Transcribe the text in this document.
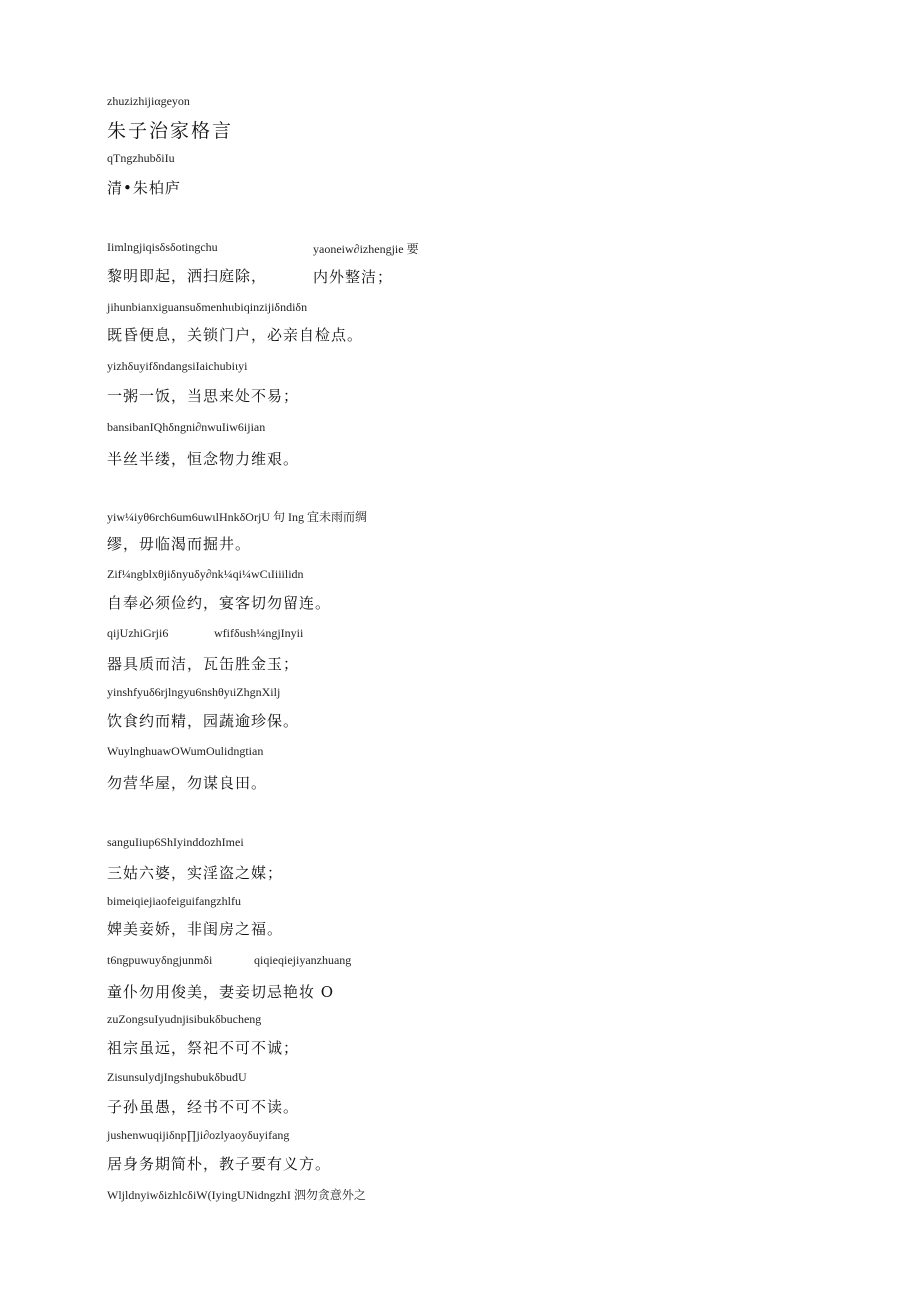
zhuzizhijiαgeyon
朱子治家格言
qTngzhubδiIu
清•朱柏庐
Iimlngjiqisδsδotingchu	yaoneiw∂izhengjie 要
黎明即起，洒扫庭除，	内外整洁；
jihunbianxiguansuδmenhιιbiqinzijiδndiδn
既昏便息，关锁门户，必亲自检点。
yizhδuyifδndangsiIaichubiιyi
一粥一饭，当思来处不易；
bansibanIQhδngni∂nwuIiw6ijian
半丝半缕，恒念物力维艰。
yiw¼iyθ6rch6um6uwιlHnkδOrjU 句 Ing 宜未雨而绸
缪，毋临渴而掘井。
Zif¼ngblxθjiδnyuδy∂nk¼qi¼wCιIiiilidn
自奉必须俭约，宴客切勿留连。
qijUzhiGrji6	wfifδush¼ngjInyii
器具质而洁，瓦缶胜金玉；
yinshfyuδ6rjlngyu6nshθyιiZhgnXilj
饮食约而精，园蔬逾珍保。
WuylnghuawOWumOulidngtian
勿营华屋，勿谋良田。
sanguIiup6ShIyinddozhImei
三姑六婆，实淫盗之媒；
bimeiqiejiaofeiguifangzhlfu
婢美妾娇，非闺房之福。
t6ngpuwuyδngjunmδi	qiqieqiejiyanzhuang
童仆勿用俊美，妻妾切忌艳妆 O
zuZongsuIyudnjisibukδbucheng
祖宗虽远，祭祀不可不诚；
ZisunsulydjIngshubukδbudU
子孙虽愚，经书不可不读。
jushenwuqijiδnp∏ji∂ozlyaoyδuyifang
居身务期简朴，教子要有义方。
WljldnyiwδizhlcδiW(IyingUNidngzhI 泗勿贪意外之
